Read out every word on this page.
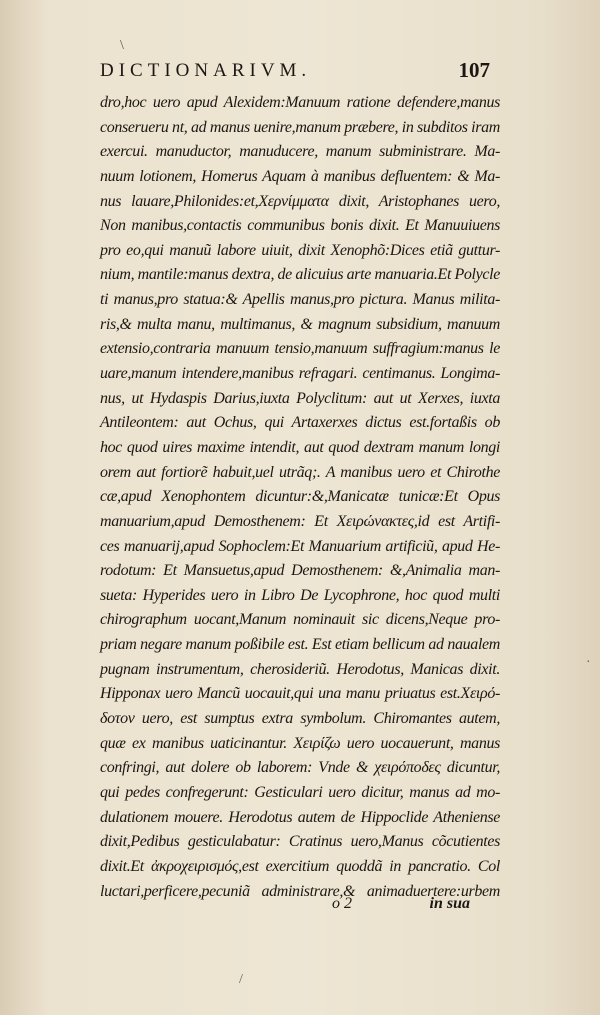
\
DICTIONARIVM.	107
dro,hoc uero apud Alexidem:Manuum ratione defendere,manus
conserueru nt, ad manus uenire,manum præbere, in subditos iram
exercui. manuductor, manuducere, manum subministrare. Ma-
nuum lotionem, Homerus Aquam à manibus defluentem: & Ma-
nus lauare,Philonides:et,Χερνίμματα dixit, Aristophanes uero,
Non manibus,contactis communibus bonis dixit. Et Manuuiuens
pro eo,qui manuũ labore uiuit, dixit Xenophõ:Dices etiã guttur-
nium, mantile:manus dextra, de alicuius arte manuaria.Et Polycle
ti manus,pro statua:& Apellis manus,pro pictura. Manus milita-
ris,& multa manu, multimanus, & magnum subsidium, manuum
extensio,contraria manuum tensio,manuum suffragium:manus le
uare,manum intendere,manibus refragari. centimanus. Longima-
nus, ut Hydaspis Darius,iuxta Polyclitum: aut ut Xerxes, iuxta
Antileontem: aut Ochus, qui Artaxerxes dictus est.fortaßis ob
hoc quod uires maxime intendit, aut quod dextram manum longi
orem aut fortiorẽ habuit,uel utrãq;. A manibus uero et Chirothe
cæ,apud Xenophontem dicuntur:&,Manicatæ tunicæ:Et Opus
manuarium,apud Demosthenem: Et Χειρώνακτες,id est Artifi-
ces manuarij,apud Sophoclem:Et Manuarium artificiũ, apud He-
rodotum: Et Mansuetus,apud Demosthenem: &,Animalia man-
sueta: Hyperides uero in Libro De Lycophrone, hoc quod multi
chirographum uocant,Manum nominauit sic dicens,Neque pro-
priam negare manum poßibile est. Est etiam bellicum ad naualem
pugnam instrumentum, cherosideriũ. Herodotus, Manicas dixit.
Hipponax uero Mancũ uocauit,qui una manu priuatus est.Χειρό-
δοτον uero, est sumptus extra symbolum. Chiromantes autem,
quæ ex manibus uaticinantur. Χειρίζω uero uocauerunt, manus
confringi, aut dolere ob laborem: Vnde & χειρόποδες dicuntur,
qui pedes confregerunt: Gesticulari uero dicitur, manus ad mo-
dulationem mouere. Herodotus autem de Hippoclide Atheniense
dixit,Pedibus gesticulabatur: Cratinus uero,Manus cõcutientes
dixit.Et ἀκροχειρισμός,est exercitium quoddã in pancratio. Col
luctari,perficere,pecuniã administrare,& animaduertere:urbem
o 2	in sua
·
/
